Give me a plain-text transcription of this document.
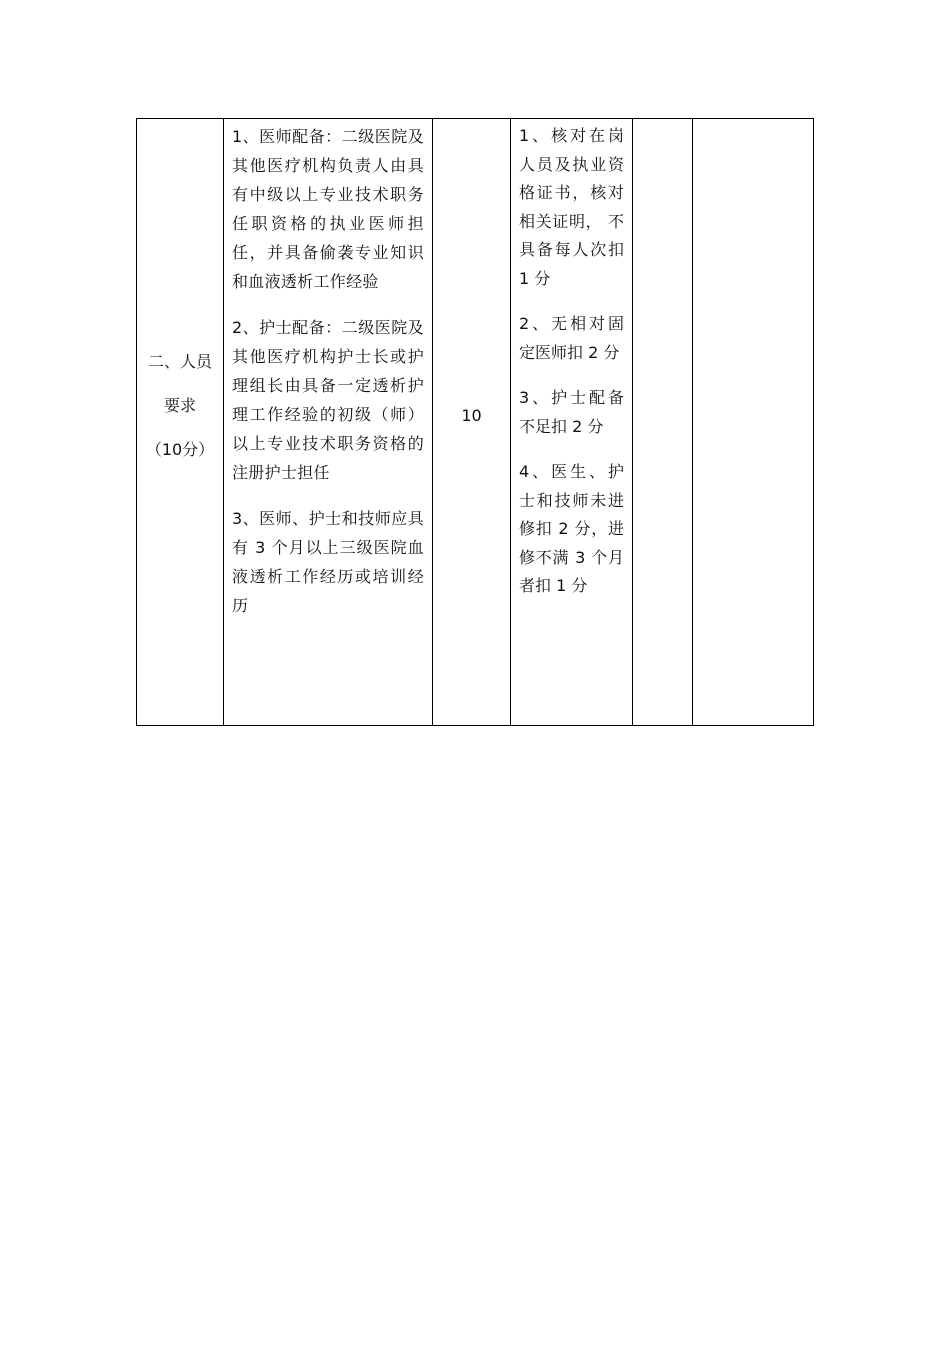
二、人员
要求
（10分）

1、医师配备：二级医院及其他医疗机构负责人由具有中级以上专业技术职务任职资格的执业医师担任，并具备偷袭专业知识和血液透析工作经验

2、护士配备：二级医院及其他医疗机构护士长或护理组长由具备一定透析护理工作经验的初级（师）以上专业技术职务资格的注册护士担任

3、医师、护士和技师应具有 3 个月以上三级医院血液透析工作经历或培训经历

10

1、核对在岗人员及执业资格证书，核对相关证明， 不具备每人次扣 1 分

2、无相对固定医师扣 2 分

3、护士配备不足扣 2 分

4、医生、护士和技师未进修扣 2 分，进修不满 3 个月者扣 1 分
